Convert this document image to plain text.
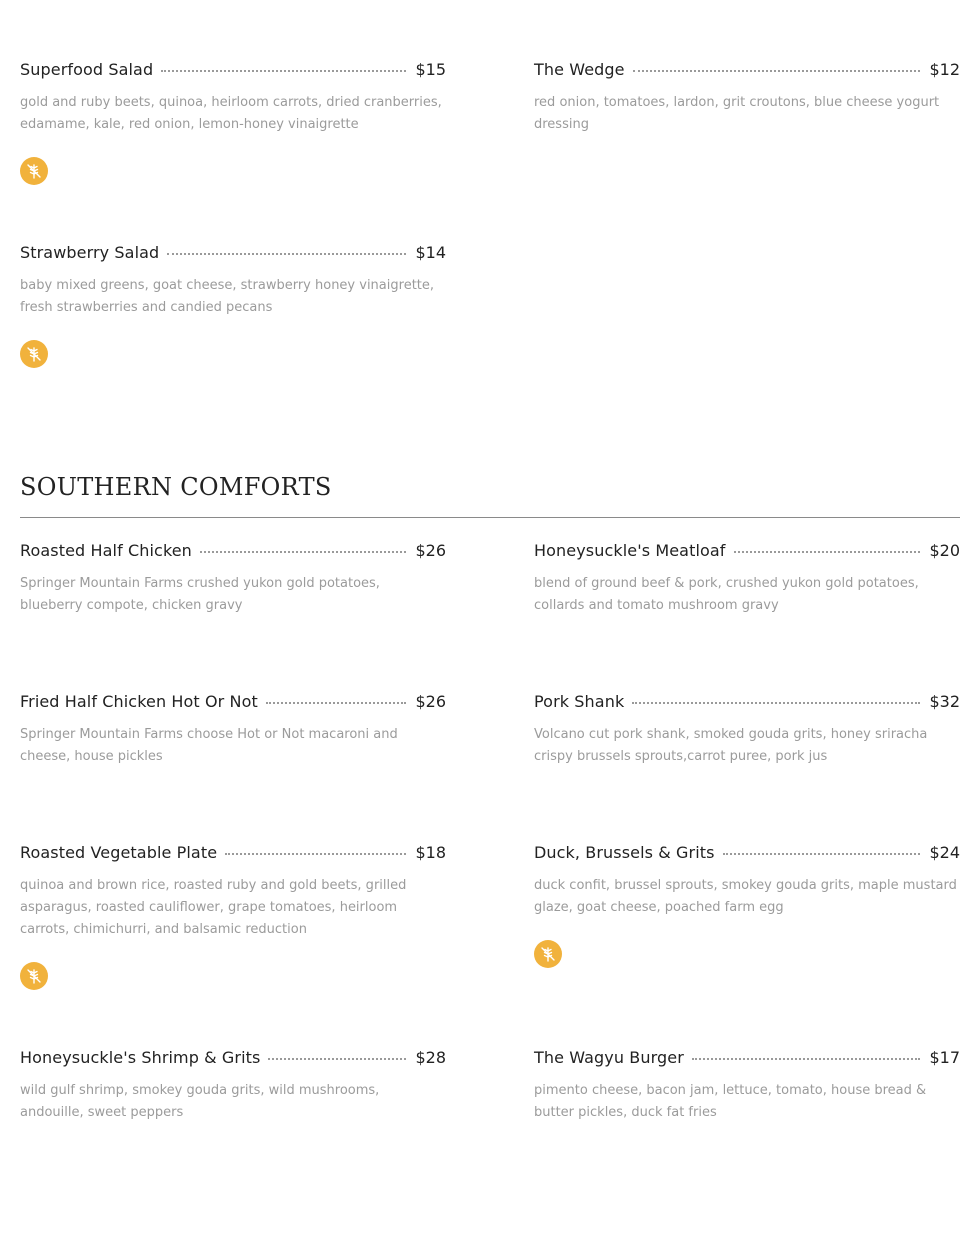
Superfood Salad	$15
gold and ruby beets, quinoa, heirloom carrots, dried cranberries, edamame, kale, red onion, lemon-honey vinaigrette
The Wedge	$12
red onion, tomatoes, lardon, grit croutons, blue cheese yogurt dressing
Strawberry Salad	$14
baby mixed greens, goat cheese, strawberry honey vinaigrette, fresh strawberries and candied pecans
SOUTHERN COMFORTS
Roasted Half Chicken	$26
Springer Mountain Farms crushed yukon gold potatoes, blueberry compote, chicken gravy
Honeysuckle's Meatloaf	$20
blend of ground beef & pork, crushed yukon gold potatoes, collards and tomato mushroom gravy
Fried Half Chicken Hot Or Not	$26
Springer Mountain Farms choose Hot or Not macaroni and cheese, house pickles
Pork Shank	$32
Volcano cut pork shank, smoked gouda grits, honey sriracha crispy brussels sprouts,carrot puree, pork jus
Roasted Vegetable Plate	$18
quinoa and brown rice, roasted ruby and gold beets, grilled asparagus, roasted cauliflower, grape tomatoes, heirloom carrots, chimichurri, and balsamic reduction
Duck, Brussels & Grits	$24
duck confit, brussel sprouts, smokey gouda grits, maple mustard glaze, goat cheese, poached farm egg
Honeysuckle's Shrimp & Grits	$28
wild gulf shrimp, smokey gouda grits, wild mushrooms, andouille, sweet peppers
The Wagyu Burger	$17
pimento cheese, bacon jam, lettuce, tomato, house bread & butter pickles, duck fat fries
